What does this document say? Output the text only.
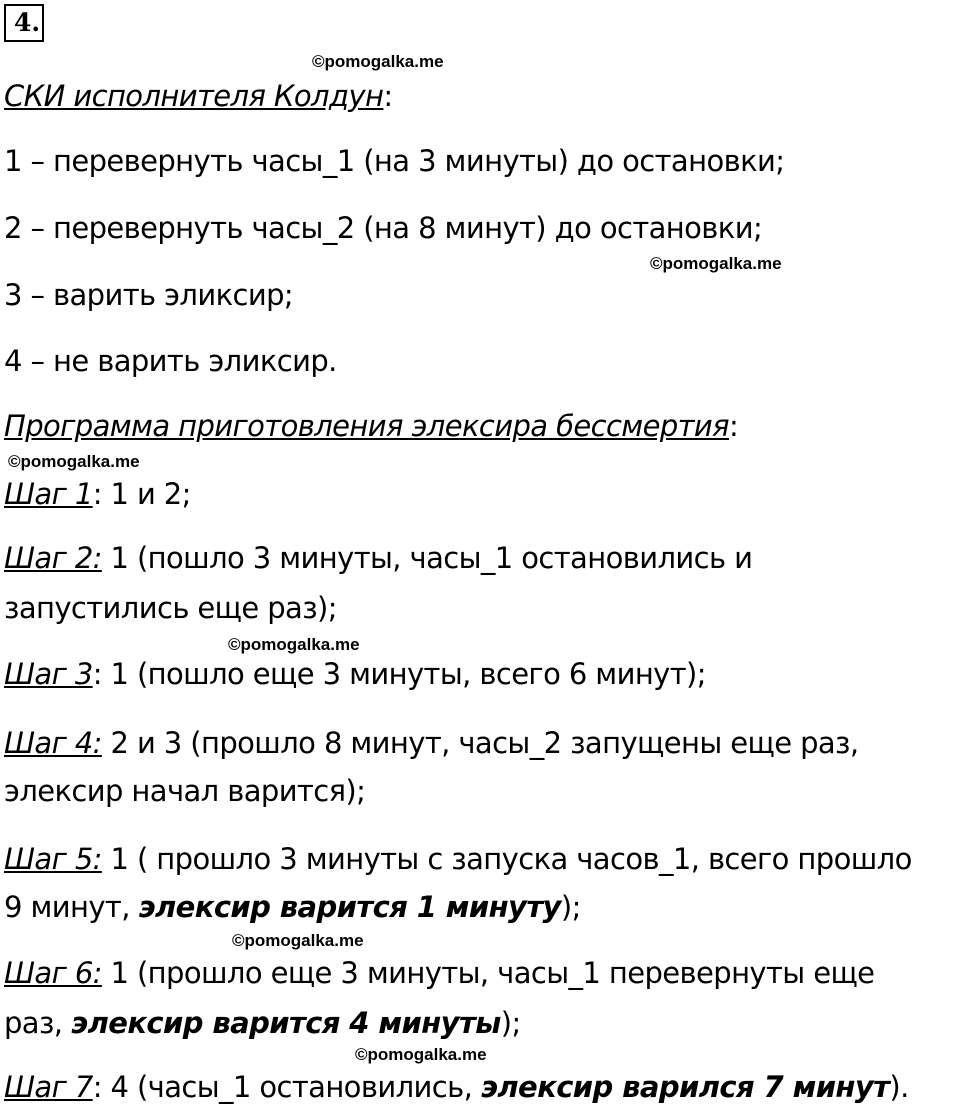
4.
©pomogalka.me
©pomogalka.me
©pomogalka.me
©pomogalka.me
©pomogalka.me
©pomogalka.me
СКИ исполнителя Колдун:
1 – перевернуть часы_1 (на 3 минуты) до остановки;
2 – перевернуть часы_2 (на 8 минут) до остановки;
3 – варить эликсир;
4 – не варить эликсир.
Программа приготовления элексира бессмертия:
Шаг 1: 1 и 2;
Шаг 2: 1 (пошло 3 минуты, часы_1 остановились и
запустились еще раз);
Шаг 3: 1 (пошло еще 3 минуты, всего 6 минут);
Шаг 4: 2 и 3 (прошло 8 минут, часы_2 запущены еще раз,
элексир начал варится);
Шаг 5: 1 ( прошло 3 минуты с запуска часов_1, всего прошло
9 минут, элексир варится 1 минуту);
Шаг 6: 1 (прошло еще 3 минуты, часы_1 перевернуты еще
раз, элексир варится 4 минуты);
Шаг 7: 4 (часы_1 остановились, элексир варился 7 минут).
